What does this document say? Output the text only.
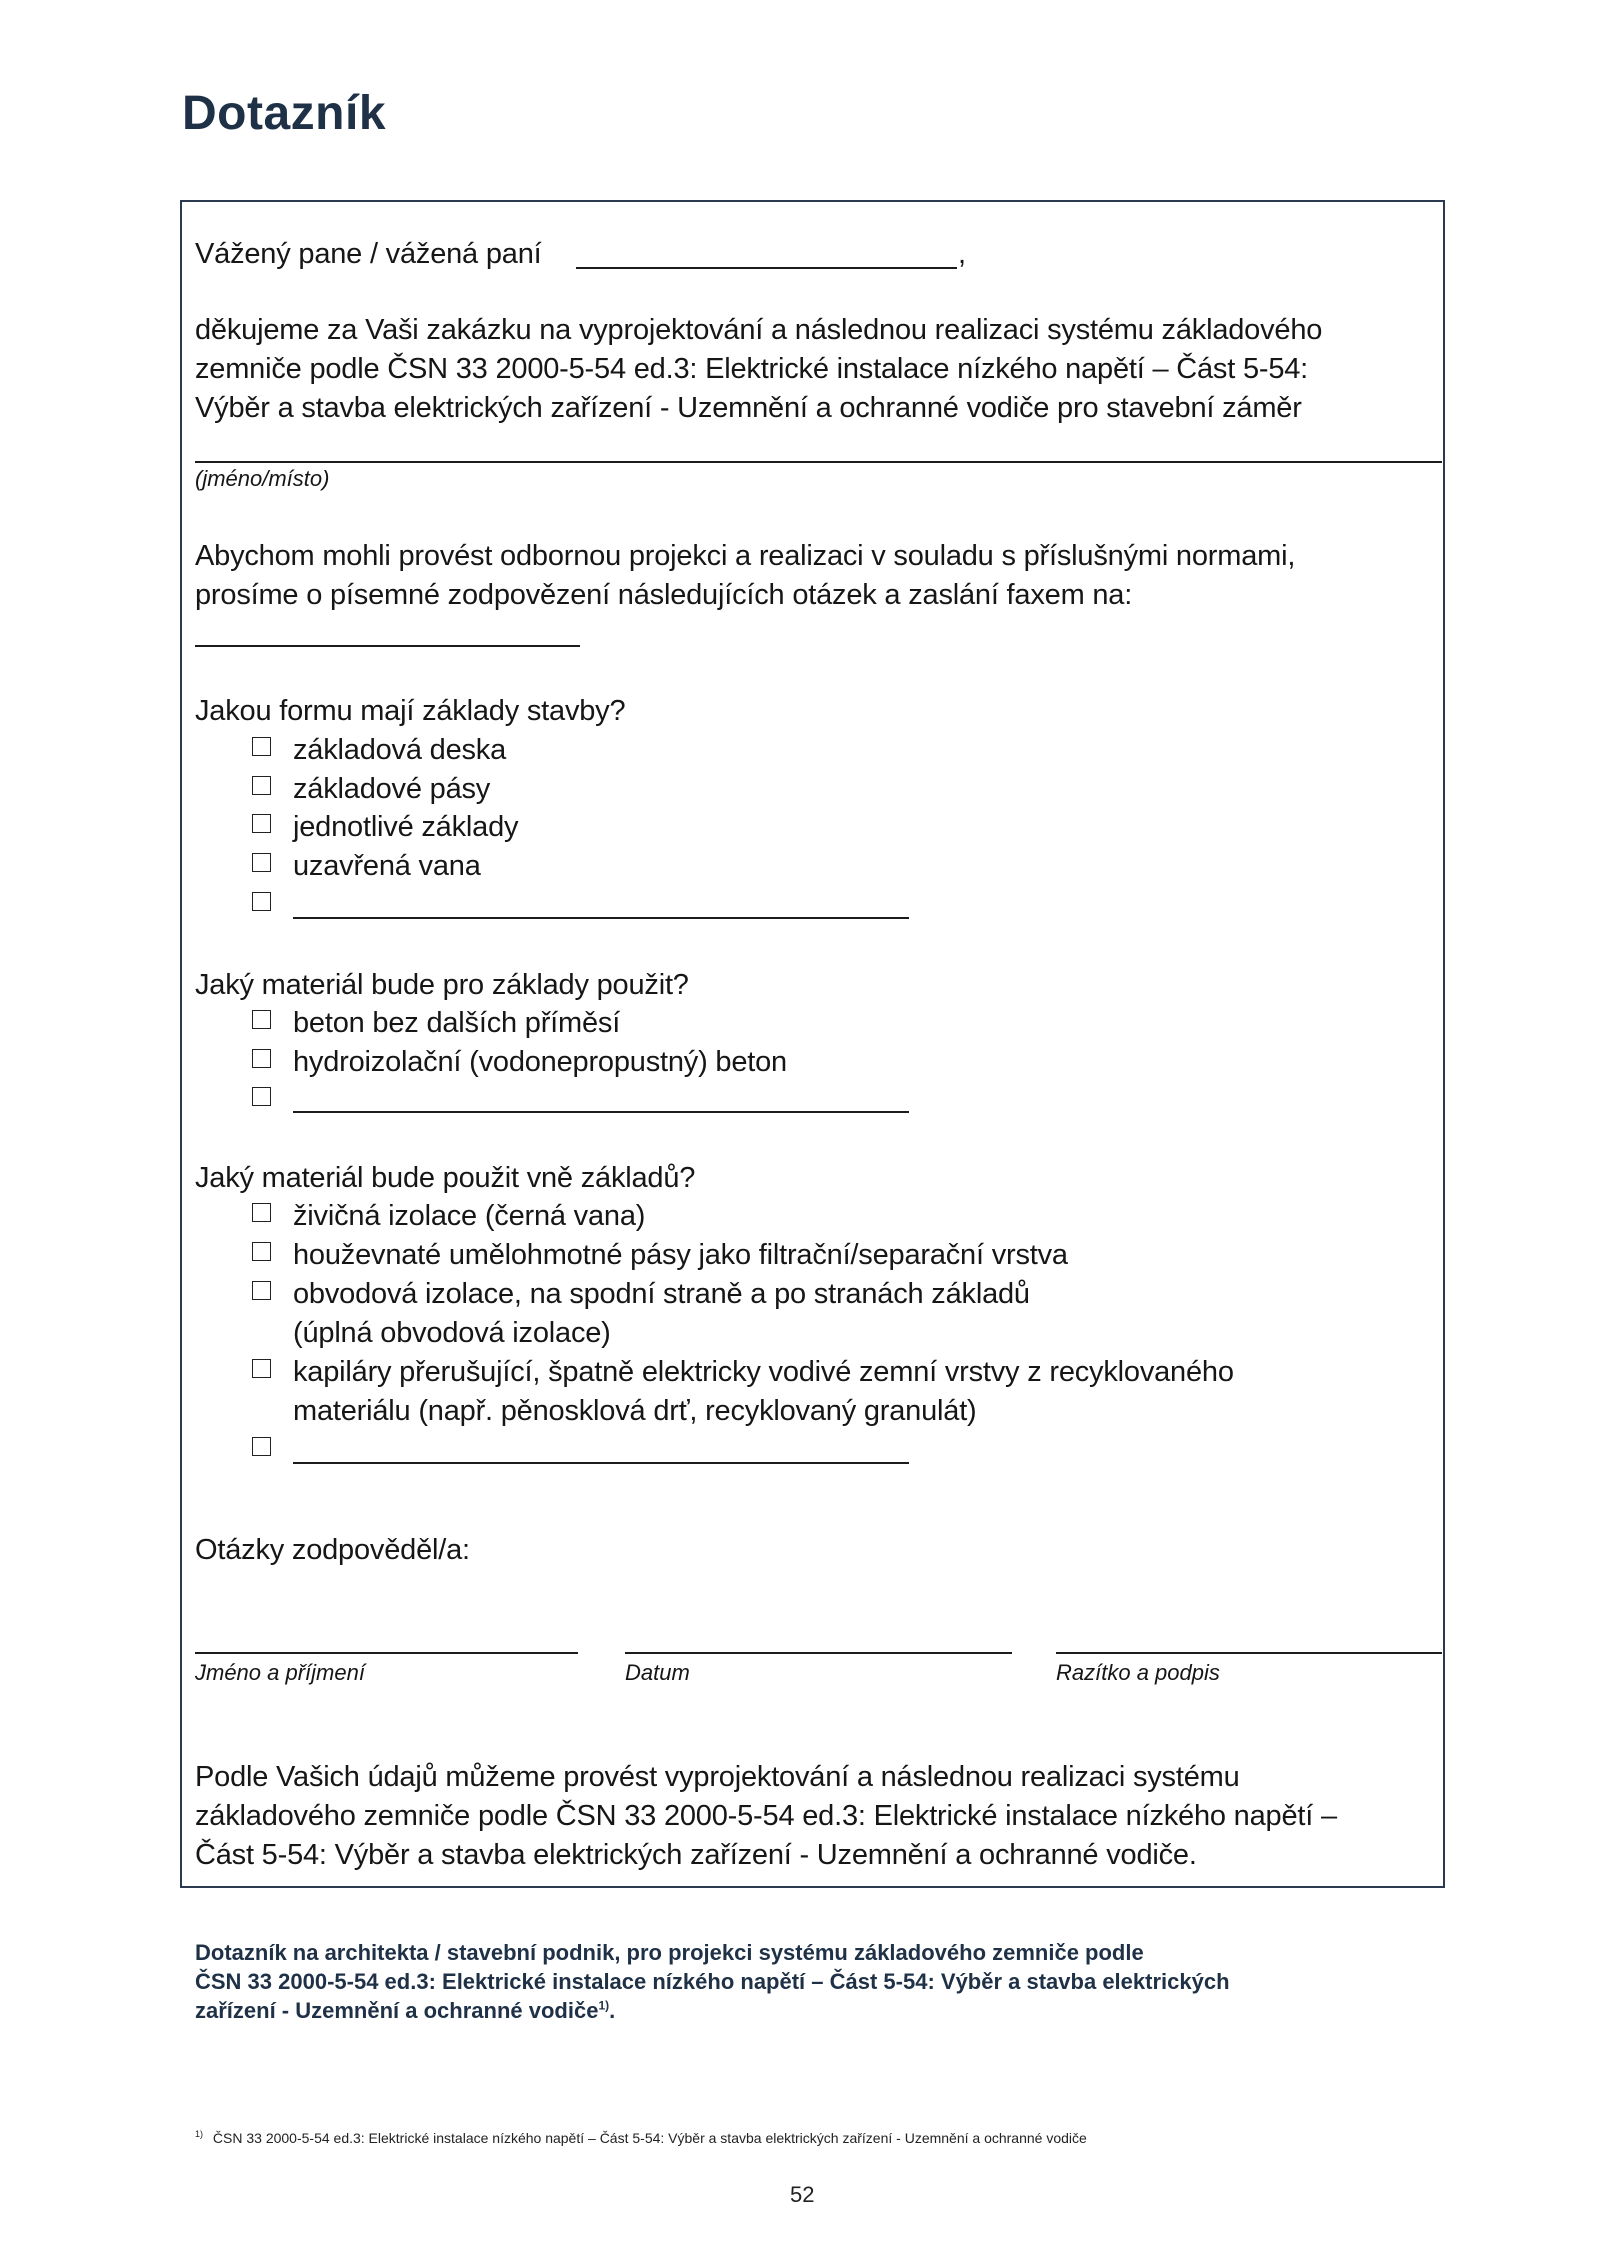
Dotazník
Vážený pane / vážená paní	,
děkujeme za Vaši zakázku na vyprojektování a následnou realizaci systému základového
zemniče podle ČSN 33 2000-5-54 ed.3: Elektrické instalace nízkého napětí – Část 5-54:
Výběr a stavba elektrických zařízení - Uzemnění a ochranné vodiče pro stavební záměr
(jméno/místo)
Abychom mohli provést odbornou projekci a realizaci v souladu s příslušnými normami,
prosíme o písemné zodpovězení následujících otázek a zaslání faxem na:
Jakou formu mají základy stavby?
základová deska
základové pásy
jednotlivé základy
uzavřená vana
Jaký materiál bude pro základy použit?
beton bez dalších příměsí
hydroizolační (vodonepropustný) beton
Jaký materiál bude použit vně základů?
živičná izolace (černá vana)
houževnaté umělohmotné pásy jako filtrační/separační vrstva
obvodová izolace, na spodní straně a po stranách základů
(úplná obvodová izolace)
kapiláry přerušující, špatně elektricky vodivé zemní vrstvy z recyklovaného
materiálu (např. pěnosklová drť, recyklovaný granulát)
Otázky zodpověděl/a:
Jméno a příjmení	Datum	Razítko a podpis
Podle Vašich údajů můžeme provést vyprojektování a následnou realizaci systému
základového zemniče podle ČSN 33 2000-5-54 ed.3: Elektrické instalace nízkého napětí –
Část 5-54: Výběr a stavba elektrických zařízení - Uzemnění a ochranné vodiče.
Dotazník na architekta / stavební podnik, pro projekci systému základového zemniče podle
ČSN 33 2000-5-54 ed.3: Elektrické instalace nízkého napětí – Část 5-54: Výběr a stavba elektrických
zařízení - Uzemnění a ochranné vodiče$^{1)}$.
$^{1)}$ ČSN 33 2000-5-54 ed.3: Elektrické instalace nízkého napětí – Část 5-54: Výběr a stavba elektrických zařízení - Uzemnění a ochranné vodiče
52
